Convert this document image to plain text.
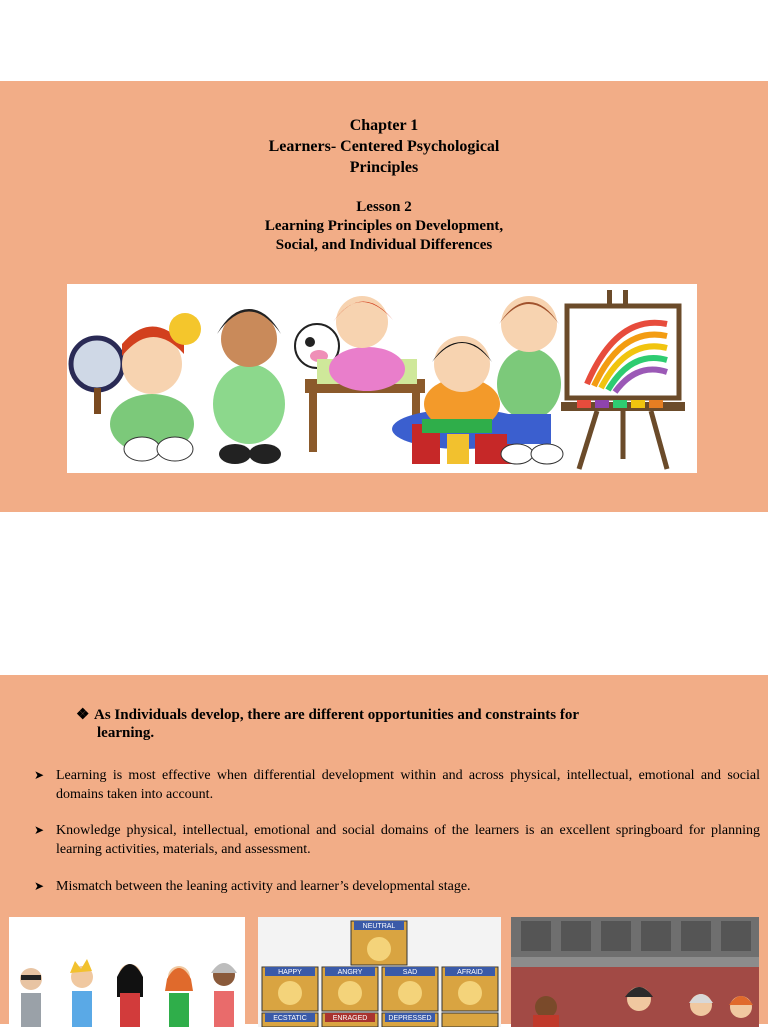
Chapter 1
Learners- Centered Psychological
Principles
Lesson 2
Learning Principles on Development,
Social, and Individual Differences
❖ As Individuals develop, there are different opportunities and constraints for
learning.
➤ Learning is most effective when differential development within and across physical, intellectual, emotional and social domains taken into account.
➤ Knowledge physical, intellectual, emotional and social domains of the learners is an excellent springboard for planning learning activities, materials, and assessment.
➤ Mismatch between the leaning activity and learner’s developmental stage.
NEUTRAL
HAPPY	ANGRY	SAD	AFRAID
ECSTATIC	ENRAGED	DEPRESSED
